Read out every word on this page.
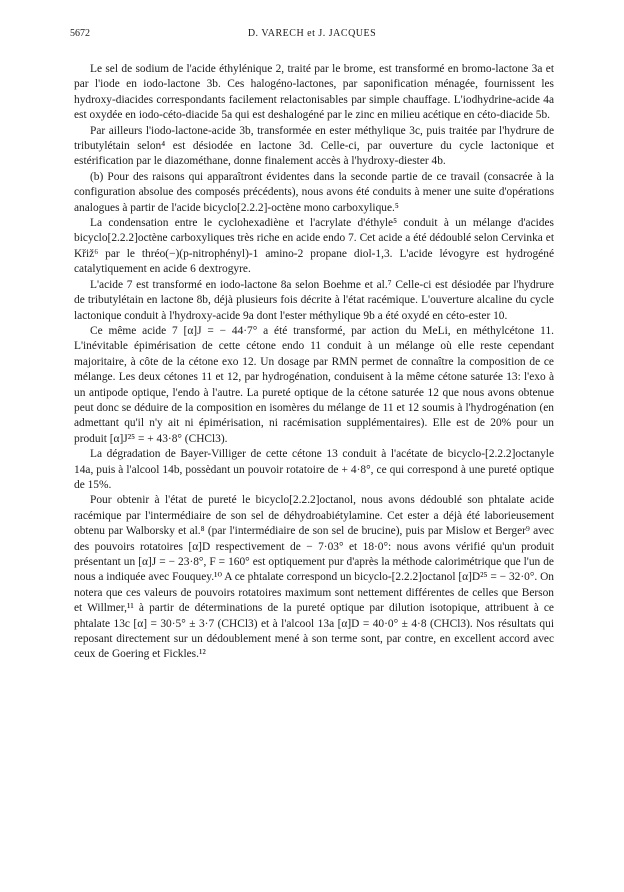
5672	D. VARECH et J. JACQUES

Le sel de sodium de l'acide éthylénique 2, traité par le brome, est transformé en bromo-lactone 3a et par l'iode en iodo-lactone 3b. Ces halogéno-lactones, par saponification ménagée, fournissent les hydroxy-diacides correspondants facilement relactonisables par simple chauffage. L'iodhydrine-acide 4a est oxydée en iodo-céto-diacide 5a qui est deshalogéné par le zinc en milieu acétique en céto-diacide 5b.

Par ailleurs l'iodo-lactone-acide 3b, transformée en ester méthylique 3c, puis traitée par l'hydrure de tributylétain selon⁴ est désiodée en lactone 3d. Celle-ci, par ouverture du cycle lactonique et estérification par le diazométhane, donne finalement accès à l'hydroxy-diester 4b.

(b) Pour des raisons qui apparaîtront évidentes dans la seconde partie de ce travail (consacrée à la configuration absolue des composés précédents), nous avons été conduits à mener une suite d'opérations analogues à partir de l'acide bicyclo[2.2.2]-octène mono carboxylique.⁵

La condensation entre le cyclohexadiène et l'acrylate d'éthyle⁵ conduit à un mélange d'acides bicyclo[2.2.2]octène carboxyliques très riche en acide endo 7. Cet acide a été dédoublé selon Cervinka et Křiž⁶ par le thréo(−)(p-nitrophényl)-1 amino-2 propane diol-1,3. L'acide lévogyre est hydrogéné catalytiquement en acide 6 dextrogyre.

L'acide 7 est transformé en iodo-lactone 8a selon Boehme et al.⁷ Celle-ci est désiodée par l'hydrure de tributylétain en lactone 8b, déjà plusieurs fois décrite à l'état racémique. L'ouverture alcaline du cycle lactonique conduit à l'hydroxy-acide 9a dont l'ester méthylique 9b a été oxydé en céto-ester 10.

Ce même acide 7 [α]J = − 44·7° a été transformé, par action du MeLi, en méthylcétone 11. L'inévitable épimérisation de cette cétone endo 11 conduit à un mélange où elle reste cependant majoritaire, à côte de la cétone exo 12. Un dosage par RMN permet de connaître la composition de ce mélange. Les deux cétones 11 et 12, par hydrogénation, conduisent à la même cétone saturée 13: l'exo à un antipode optique, l'endo à l'autre. La pureté optique de la cétone saturée 12 que nous avons obtenue peut donc se déduire de la composition en isomères du mélange de 11 et 12 soumis à l'hydrogénation (en admettant qu'il n'y ait ni épimérisation, ni racémisation supplémentaires). Elle est de 20% pour un produit [α]J²⁵ = + 43·8° (CHCl3).

La dégradation de Bayer-Villiger de cette cétone 13 conduit à l'acétate de bicyclo-[2.2.2]octanyle 14a, puis à l'alcool 14b, possèdant un pouvoir rotatoire de + 4·8°, ce qui correspond à une pureté optique de 15%.

Pour obtenir à l'état de pureté le bicyclo[2.2.2]octanol, nous avons dédoublé son phtalate acide racémique par l'intermédiaire de son sel de déhydroabiétylamine. Cet ester a déjà été laborieusement obtenu par Walborsky et al.⁸ (par l'intermédiaire de son sel de brucine), puis par Mislow et Berger⁹ avec des pouvoirs rotatoires [α]D respectivement de − 7·03° et 18·0°: nous avons vérifié qu'un produit présentant un [α]J = − 23·8°, F = 160° est optiquement pur d'après la méthode calorimétrique que l'un de nous a indiquée avec Fouquey.¹⁰ A ce phtalate correspond un bicyclo-[2.2.2]octanol [α]D²⁵ = − 32·0°. On notera que ces valeurs de pouvoirs rotatoires maximum sont nettement différentes de celles que Berson et Willmer,¹¹ à partir de déterminations de la pureté optique par dilution isotopique, attribuent à ce phtalate 13c [α] = 30·5° ± 3·7 (CHCl3) et à l'alcool 13a [α]D = 40·0° ± 4·8 (CHCl3). Nos résultats qui reposant directement sur un dédoublement mené à son terme sont, par contre, en excellent accord avec ceux de Goering et Fickles.¹²
